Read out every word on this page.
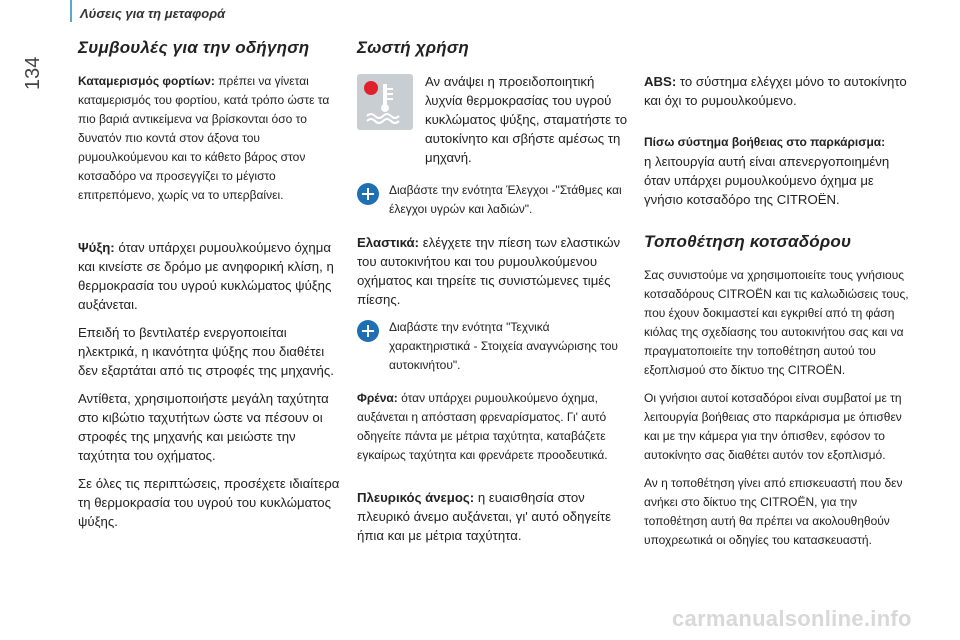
Λύσεις για τη μεταφορά
134
Συμβουλές για την οδήγηση

Καταμερισμός φορτίων: πρέπει να γίνεται καταμερισμός του φορτίου, κατά τρόπο ώστε τα πιο βαριά αντικείμενα να βρίσκονται όσο το δυνατόν πιο κοντά στον άξονα του ρυμουλκούμενου και το κάθετο βάρος στον κοτσαδόρο να προσεγγίζει το μέγιστο επιτρεπόμενο, χωρίς να το υπερβαίνει.

Ψύξη: όταν υπάρχει ρυμουλκούμενο όχημα και κινείστε σε δρόμο με ανηφορική κλίση, η θερμοκρασία του υγρού κυκλώματος ψύξης αυξάνεται.

Επειδή το βεντιλατέρ ενεργοποιείται ηλεκτρικά, η ικανότητα ψύξης που διαθέτει δεν εξαρτάται από τις στροφές της μηχανής.

Αντίθετα, χρησιμοποιήστε μεγάλη ταχύτητα στο κιβώτιο ταχυτήτων ώστε να πέσουν οι στροφές της μηχανής και μειώστε την ταχύτητα του οχήματος.

Σε όλες τις περιπτώσεις, προσέχετε ιδιαίτερα τη θερμοκρασία του υγρού του κυκλώματος ψύξης.

Σωστή χρήση

Αν ανάψει η προειδοποιητική λυχνία θερμοκρασίας του υγρού κυκλώματος ψύξης, σταματήστε το αυτοκίνητο και σβήστε αμέσως τη μηχανή.

Διαβάστε την ενότητα Έλεγχοι -"Στάθμες και έλεγχοι υγρών και λαδιών".

Ελαστικά: ελέγχετε την πίεση των ελαστικών του αυτοκινήτου και του ρυμουλκούμενου οχήματος και τηρείτε τις συνιστώμενες τιμές πίεσης.

Διαβάστε την ενότητα "Τεχνικά χαρακτηριστικά - Στοιχεία αναγνώρισης του αυτοκινήτου".

Φρένα: όταν υπάρχει ρυμουλκούμενο όχημα, αυξάνεται η απόσταση φρεναρίσματος. Γι' αυτό οδηγείτε πάντα με μέτρια ταχύτητα, καταβάζετε εγκαίρως ταχύτητα και φρενάρετε προοδευτικά.

Πλευρικός άνεμος: η ευαισθησία στον πλευρικό άνεμο αυξάνεται, γι' αυτό οδηγείτε ήπια και με μέτρια ταχύτητα.

ABS: το σύστημα ελέγχει μόνο το αυτοκίνητο και όχι το ρυμουλκούμενο.

Πίσω σύστημα βοήθειας στο παρκάρισμα:

η λειτουργία αυτή είναι απενεργοποιημένη όταν υπάρχει ρυμουλκούμενο όχημα με γνήσιο κοτσαδόρο της CITROËN.

Τοποθέτηση κοτσαδόρου

Σας συνιστούμε να χρησιμοποιείτε τους γνήσιους κοτσαδόρους CITROËN και τις καλωδιώσεις τους, που έχουν δοκιμαστεί και εγκριθεί από τη φάση κιόλας της σχεδίασης του αυτοκινήτου σας και να πραγματοποιείτε την τοποθέτηση αυτού του εξοπλισμού στο δίκτυο της CITROËN.

Οι γνήσιοι αυτοί κοτσαδόροι είναι συμβατοί με τη λειτουργία βοήθειας στο παρκάρισμα με όπισθεν και με την κάμερα για την όπισθεν, εφόσον το αυτοκίνητο σας διαθέτει αυτόν τον εξοπλισμό.

Αν η τοποθέτηση γίνει από επισκευαστή που δεν ανήκει στο δίκτυο της CITROËN, για την τοποθέτηση αυτή θα πρέπει να ακολουθηθούν υποχρεωτικά οι οδηγίες του κατασκευαστή.

carmanualsonline.info
